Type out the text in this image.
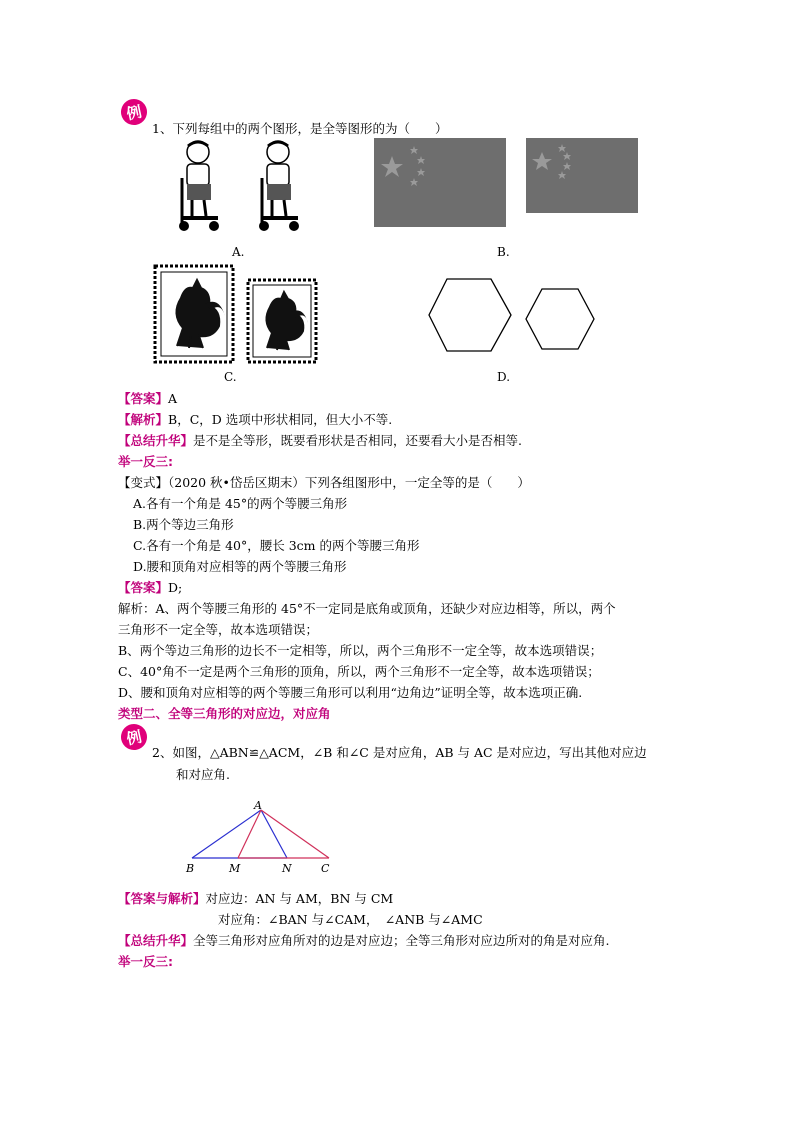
例
1、下列每组中的两个图形，是全等图形的为（　　）
A.	B.
C.	D.
【答案】A
【解析】B，C，D 选项中形状相同，但大小不等.
【总结升华】是不是全等形，既要看形状是否相同，还要看大小是否相等.
举一反三:
【变式】（2020 秋•岱岳区期末）下列各组图形中，一定全等的是（　　）
A.各有一个角是 45°的两个等腰三角形
B.两个等边三角形
C.各有一个角是 40°，腰长 3cm 的两个等腰三角形
D.腰和顶角对应相等的两个等腰三角形
【答案】D;
解析：A、两个等腰三角形的 45°不一定同是底角或顶角，还缺少对应边相等，所以，两个
三角形不一定全等，故本选项错误；
B、两个等边三角形的边长不一定相等，所以，两个三角形不一定全等，故本选项错误；
C、40°角不一定是两个三角形的顶角，所以，两个三角形不一定全等，故本选项错误；
D、腰和顶角对应相等的两个等腰三角形可以利用“边角边”证明全等，故本选项正确.
类型二、全等三角形的对应边，对应角
例
2、如图，△ABN≌△ACM，∠B 和∠C 是对应角，AB 与 AC 是对应边，写出其他对应边
和对应角.
A
B	M	N	C
【答案与解析】对应边：AN 与 AM，BN 与 CM
对应角：∠BAN 与∠CAM，　∠ANB 与∠AMC
【总结升华】全等三角形对应角所对的边是对应边；全等三角形对应边所对的角是对应角.
举一反三:
